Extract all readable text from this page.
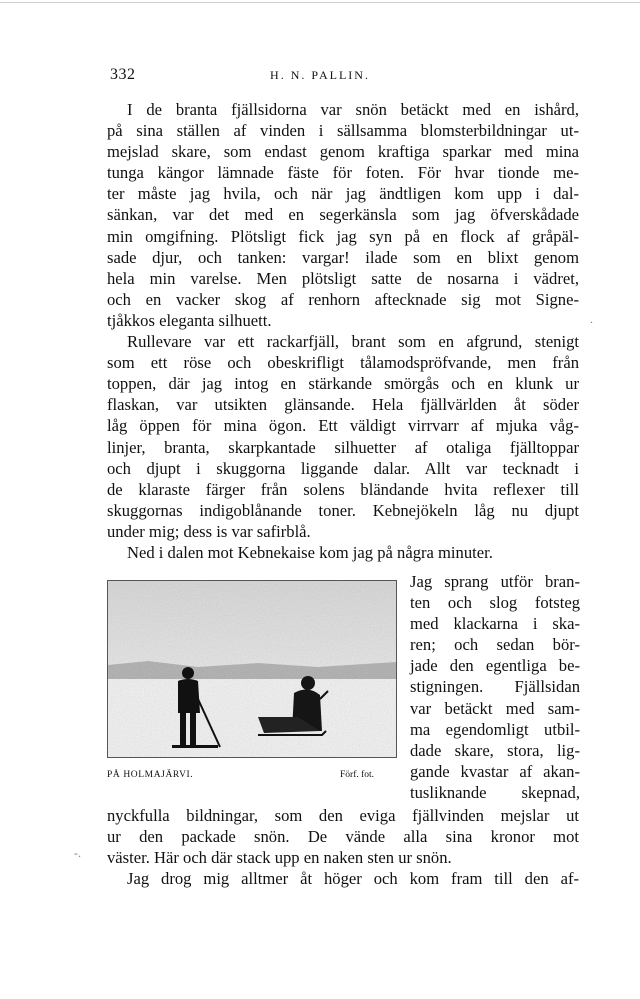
332	H. N. PALLIN.
I de branta fjällsidorna var snön betäckt med en ishård,
på sina ställen af vinden i sällsamma blomsterbildningar ut-
mejslad skare, som endast genom kraftiga sparkar med mina
tunga kängor lämnade fäste för foten. För hvar tionde me-
ter måste jag hvila, och när jag ändtligen kom upp i dal-
sänkan, var det med en segerkänsla som jag öfverskådade
min omgifning. Plötsligt fick jag syn på en flock af gråpäl-
sade djur, och tanken: vargar! ilade som en blixt genom
hela min varelse. Men plötsligt satte de nosarna i vädret,
och en vacker skog af renhorn aftecknade sig mot Signe-
tjåkkos eleganta silhuett.
Rullevare var ett rackarfjäll, brant som en afgrund, stenigt
som ett röse och obeskrifligt tålamodspröfvande, men från
toppen, där jag intog en stärkande smörgås och en klunk ur
flaskan, var utsikten glänsande. Hela fjällvärlden åt söder
låg öppen för mina ögon. Ett väldigt virrvarr af mjuka våg-
linjer, branta, skarpkantade silhuetter af otaliga fjälltoppar
och djupt i skuggorna liggande dalar. Allt var tecknadt i
de klaraste färger från solens bländande hvita reflexer till
skuggornas indigoblånande toner. Kebnejökeln låg nu djupt
under mig; dess is var safirblå.
Ned i dalen mot Kebnekaise kom jag på några minuter.
PÅ HOLMAJÄRVI.	Förf. fot.
Jag sprang utför bran-
ten och slog fotsteg
med klackarna i ska-
ren; och sedan bör-
jade den egentliga be-
stigningen. Fjällsidan
var betäckt med sam-
ma egendomligt utbil-
dade skare, stora, lig-
gande kvastar af akan-
tusliknande skepnad,
nyckfulla bildningar, som den eviga fjällvinden mejslar ut
ur den packade snön. De vände alla sina kronor mot
väster. Här och där stack upp en naken sten ur snön.
Jag drog mig alltmer åt höger och kom fram till den af-
.
-.
